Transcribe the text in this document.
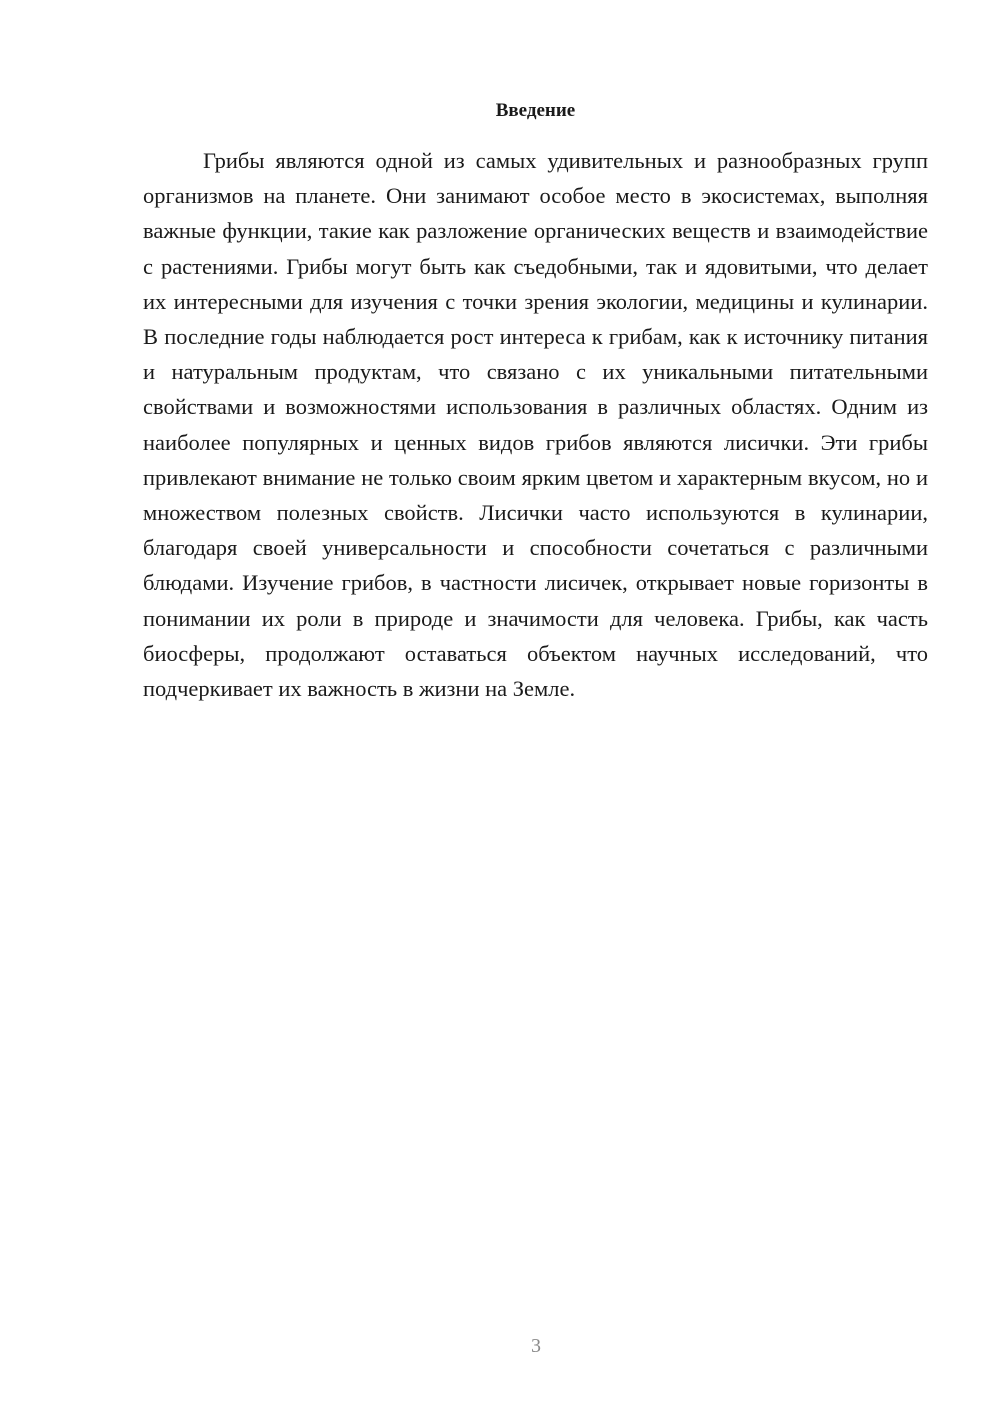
Введение

Грибы являются одной из самых удивительных и разнообразных групп организмов на планете. Они занимают особое место в экосистемах, выполняя важные функции, такие как разложение органических веществ и взаимодействие с растениями. Грибы могут быть как съедобными, так и ядовитыми, что делает их интересными для изучения с точки зрения экологии, медицины и кулинарии. В последние годы наблюдается рост интереса к грибам, как к источнику питания и натуральным продуктам, что связано с их уникальными питательными свойствами и возможностями использования в различных областях. Одним из наиболее популярных и ценных видов грибов являются лисички. Эти грибы привлекают внимание не только своим ярким цветом и характерным вкусом, но и множеством полезных свойств. Лисички часто используются в кулинарии, благодаря своей универсальности и способности сочетаться с различными блюдами. Изучение грибов, в частности лисичек, открывает новые горизонты в понимании их роли в природе и значимости для человека. Грибы, как часть биосферы, продолжают оставаться объектом научных исследований, что подчеркивает их важность в жизни на Земле.

3
